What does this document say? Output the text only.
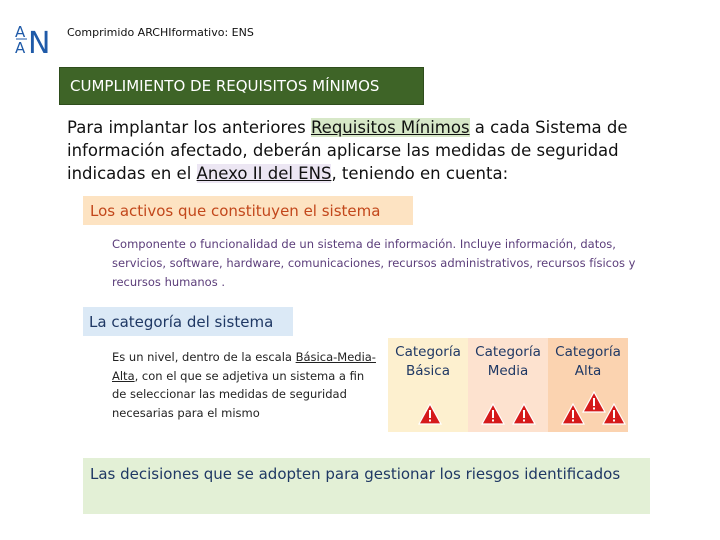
A
A N Comprimido ARCHIformativo: ENS
CUMPLIMIENTO DE REQUISITOS MÍNIMOS
Para implantar los anteriores Requisitos Mínimos a cada Sistema de información afectado, deberán aplicarse las medidas de seguridad indicadas en el Anexo II del ENS, teniendo en cuenta:
Los activos que constituyen el sistema
Componente o funcionalidad de un sistema de información. Incluye información, datos, servicios, software, hardware, comunicaciones, recursos administrativos, recursos físicos y recursos humanos .
La categoría del sistema
Es un nivel, dentro de la escala Básica-Media-Alta, con el que se adjetiva un sistema a fin de seleccionar las medidas de seguridad necesarias para el mismo
Categoría
Básica
Categoría
Media
Categoría
Alta
Las decisiones que se adopten para gestionar los riesgos identificados
